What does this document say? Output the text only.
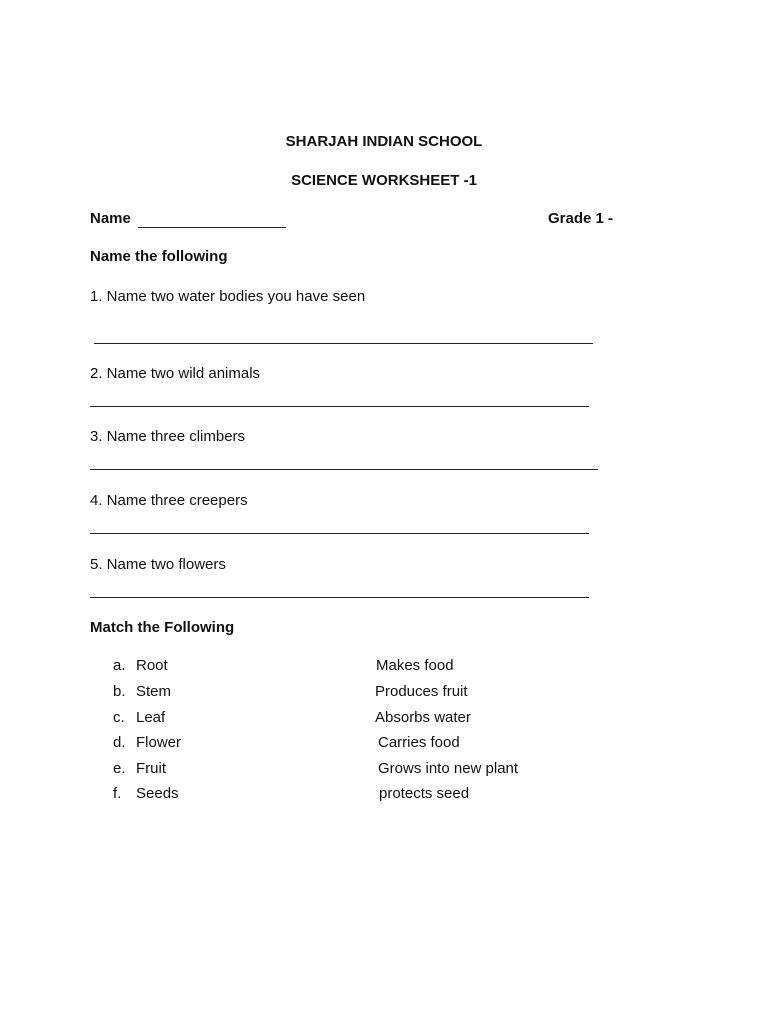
SHARJAH INDIAN SCHOOL
SCIENCE WORKSHEET -1
Name	Grade 1 -
Name the following
1. Name two water bodies you have seen
2. Name two wild animals
3. Name three climbers
4. Name three creepers
5. Name two flowers
Match the Following
a. Root	Makes food
b. Stem	Produces fruit
c. Leaf	Absorbs water
d. Flower	Carries food
e. Fruit	Grows into new plant
f. Seeds	protects seed
